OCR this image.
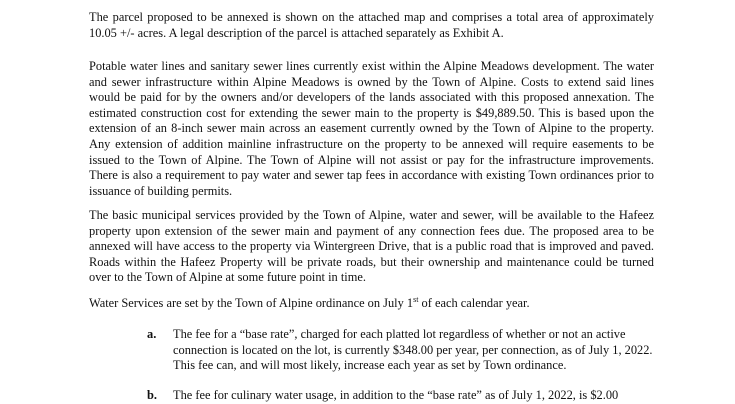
The parcel proposed to be annexed is shown on the attached map and comprises a total area of approximately 10.05 +/- acres. A legal description of the parcel is attached separately as Exhibit A.

Potable water lines and sanitary sewer lines currently exist within the Alpine Meadows development. The water and sewer infrastructure within Alpine Meadows is owned by the Town of Alpine. Costs to extend said lines would be paid for by the owners and/or developers of the lands associated with this proposed annexation. The estimated construction cost for extending the sewer main to the property is $49,889.50. This is based upon the extension of an 8-inch sewer main across an easement currently owned by the Town of Alpine to the property. Any extension of addition mainline infrastructure on the property to be annexed will require easements to be issued to the Town of Alpine. The Town of Alpine will not assist or pay for the infrastructure improvements. There is also a requirement to pay water and sewer tap fees in accordance with existing Town ordinances prior to issuance of building permits.

The basic municipal services provided by the Town of Alpine, water and sewer, will be available to the Hafeez property upon extension of the sewer main and payment of any connection fees due. The proposed area to be annexed will have access to the property via Wintergreen Drive, that is a public road that is improved and paved. Roads within the Hafeez Property will be private roads, but their ownership and maintenance could be turned over to the Town of Alpine at some future point in time.

Water Services are set by the Town of Alpine ordinance on July 1st of each calendar year.

a. The fee for a “base rate”, charged for each platted lot regardless of whether or not an active connection is located on the lot, is currently $348.00 per year, per connection, as of July 1, 2022. This fee can, and will most likely, increase each year as set by Town ordinance.
b. The fee for culinary water usage, in addition to the “base rate” as of July 1, 2022, is $2.00
